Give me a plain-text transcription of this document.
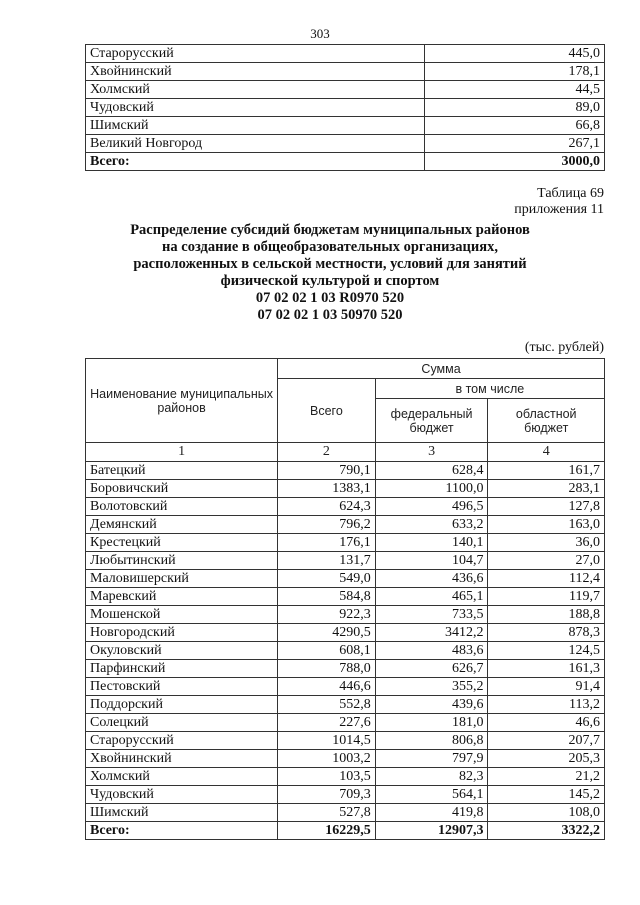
303
Старорусский	445,0
Хвойнинский	178,1
Холмский	44,5
Чудовский	89,0
Шимский	66,8
Великий Новгород	267,1
Всего:	3000,0
Таблица 69
приложения 11
Распределение субсидий бюджетам муниципальных районов
на создание в общеобразовательных организациях,
расположенных в сельской местности, условий для занятий
физической культурой и спортом
07 02 02 1 03 R0970 520
07 02 02 1 03 50970 520
(тыс. рублей)
Наименование муниципальных районов	Сумма		
	Всего	в том числе	
		федеральный бюджет	областной бюджет
1	2	3	4
Батецкий	790,1	628,4	161,7
Боровичский	1383,1	1100,0	283,1
Волотовский	624,3	496,5	127,8
Демянский	796,2	633,2	163,0
Крестецкий	176,1	140,1	36,0
Любытинский	131,7	104,7	27,0
Маловишерский	549,0	436,6	112,4
Маревский	584,8	465,1	119,7
Мошенской	922,3	733,5	188,8
Новгородский	4290,5	3412,2	878,3
Окуловский	608,1	483,6	124,5
Парфинский	788,0	626,7	161,3
Пестовский	446,6	355,2	91,4
Поддорский	552,8	439,6	113,2
Солецкий	227,6	181,0	46,6
Старорусский	1014,5	806,8	207,7
Хвойнинский	1003,2	797,9	205,3
Холмский	103,5	82,3	21,2
Чудовский	709,3	564,1	145,2
Шимский	527,8	419,8	108,0
Всего:	16229,5	12907,3	3322,2
